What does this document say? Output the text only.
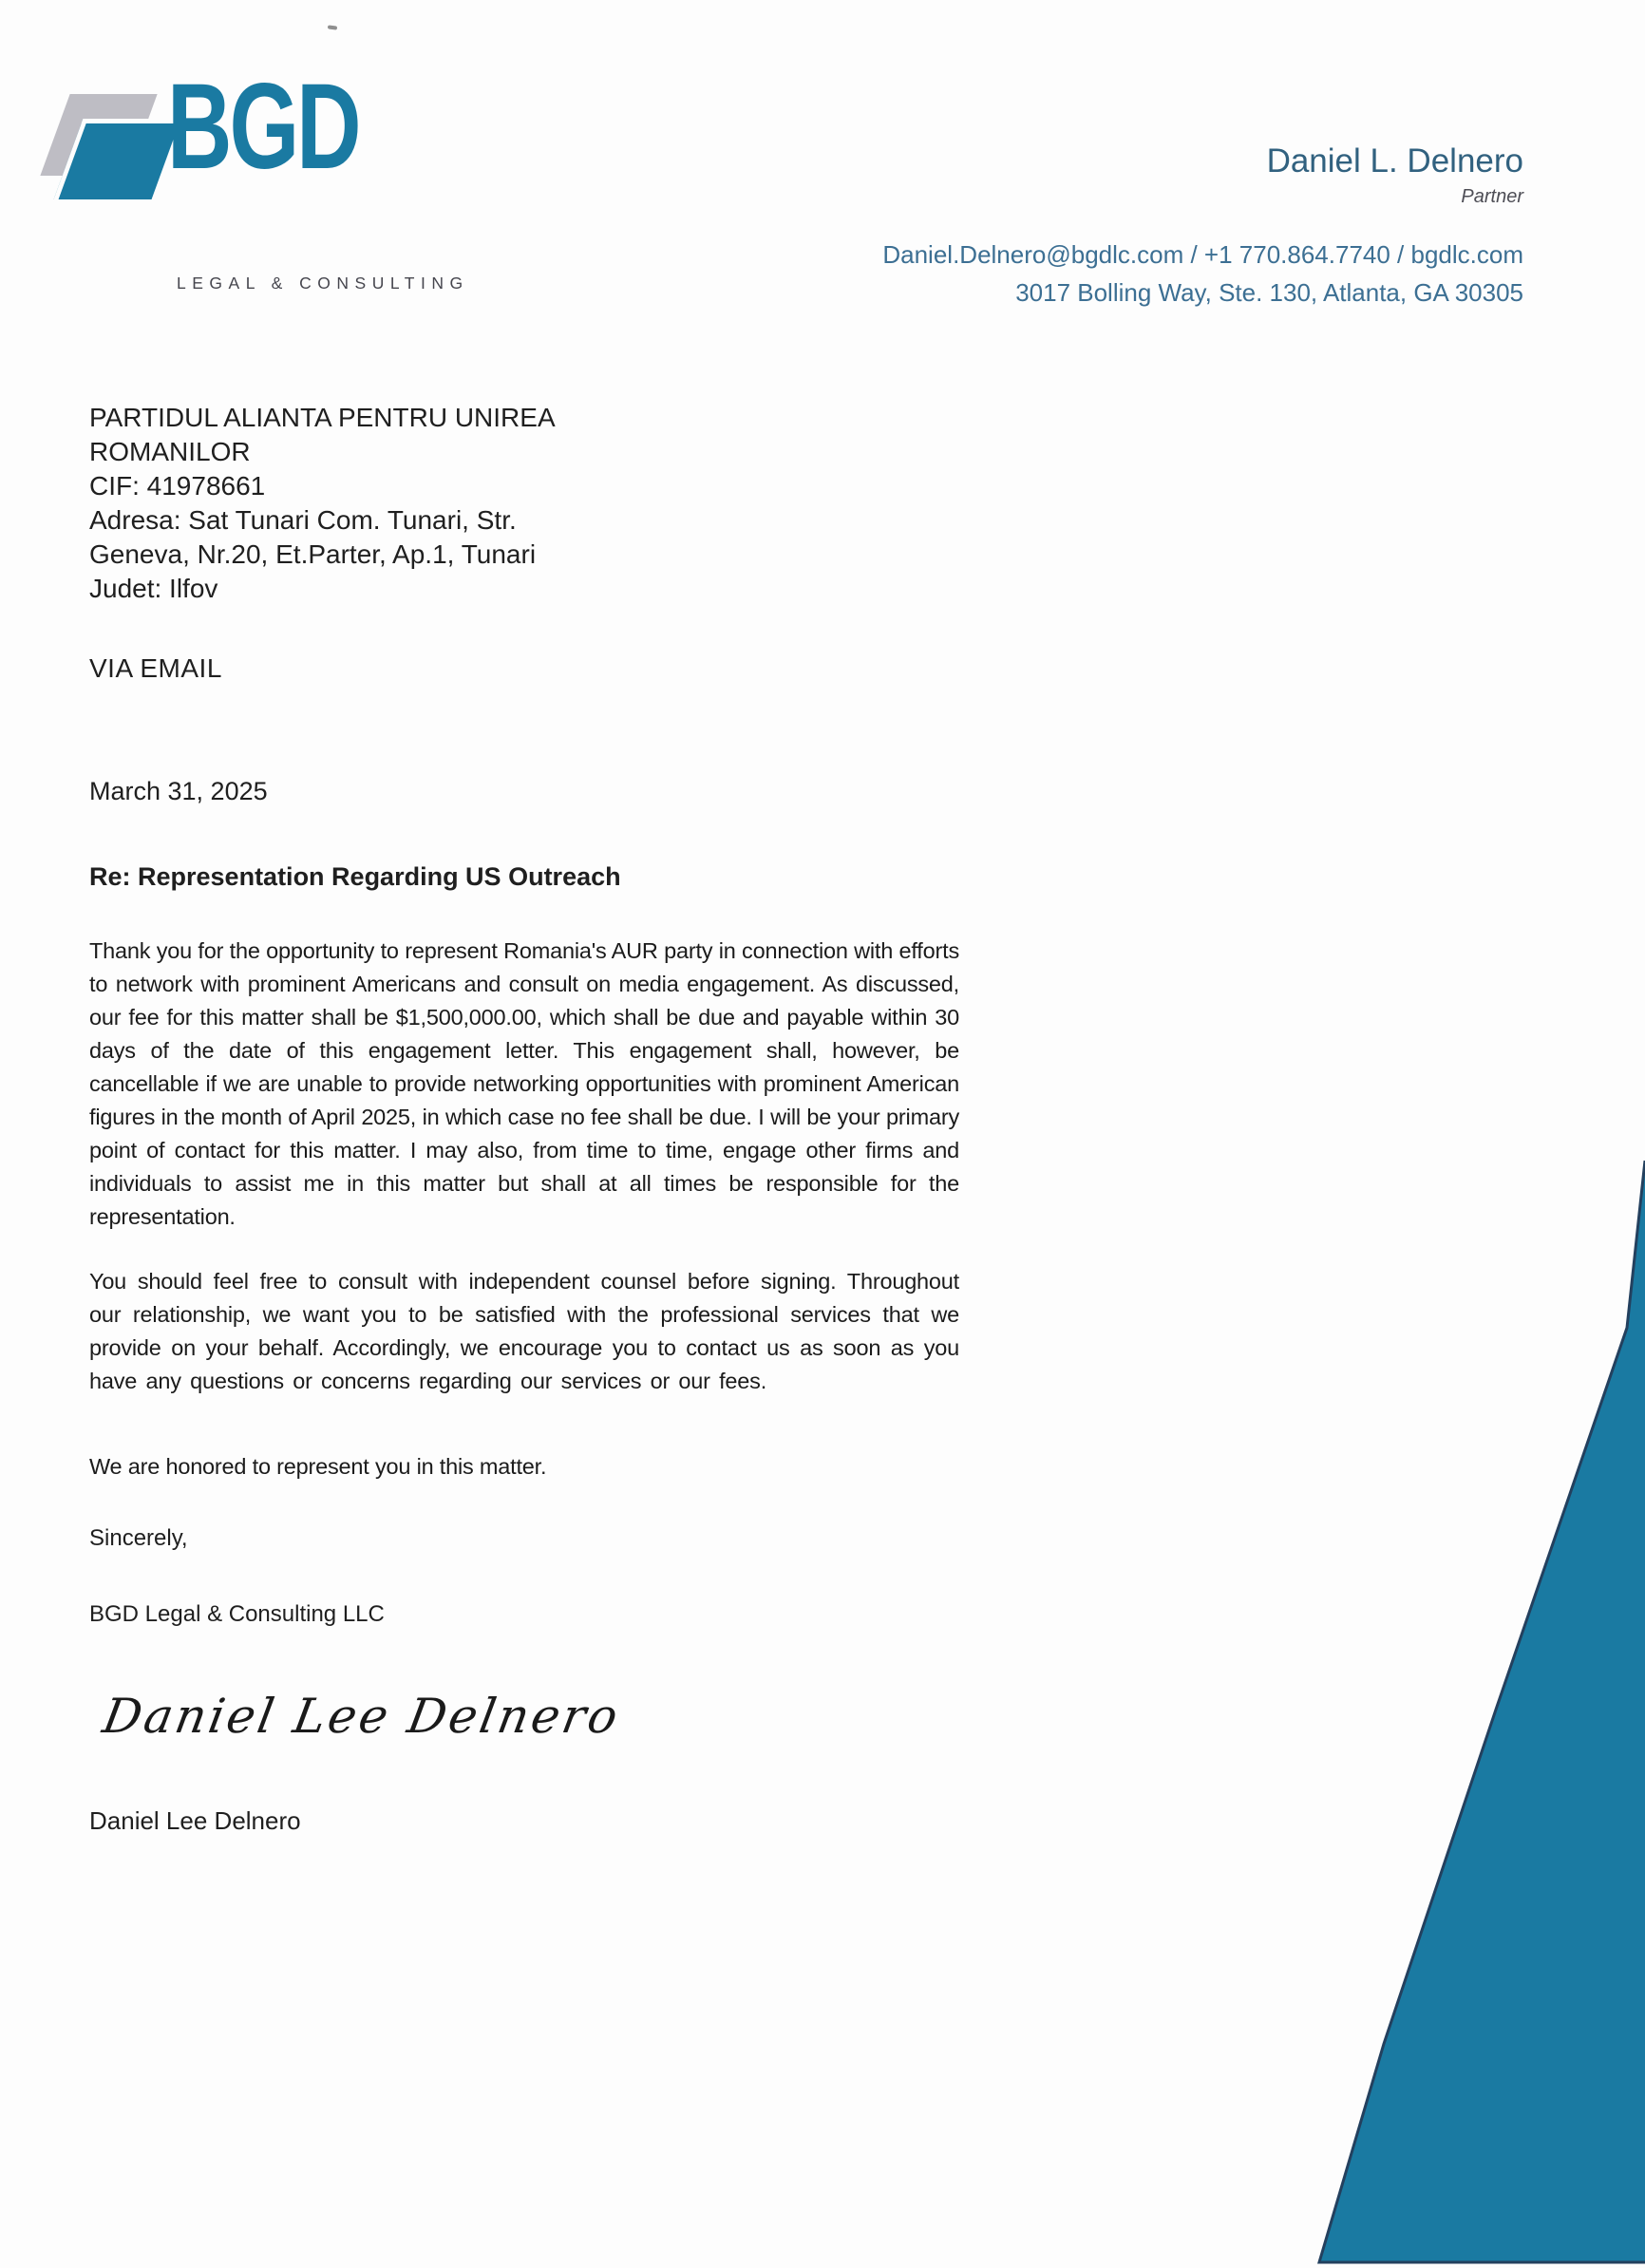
BGD
LEGAL & CONSULTING
Daniel L. Delnero
Partner
Daniel.Delnero@bgdlc.com / +1 770.864.7740 / bgdlc.com
3017 Bolling Way, Ste. 130, Atlanta, GA 30305
PARTIDUL ALIANTA PENTRU UNIREA
ROMANILOR
CIF: 41978661
Adresa: Sat Tunari Com. Tunari, Str.
Geneva, Nr.20, Et.Parter, Ap.1, Tunari
Judet: Ilfov
VIA EMAIL
March 31, 2025
Re: Representation Regarding US Outreach
Thank you for the opportunity to represent Romania's AUR party in connection with efforts to network with prominent Americans and consult on media engagement. As discussed, our fee for this matter shall be $1,500,000.00, which shall be due and payable within 30 days of the date of this engagement letter. This engagement shall, however, be cancellable if we are unable to provide networking opportunities with prominent American figures in the month of April 2025, in which case no fee shall be due. I will be your primary point of contact for this matter. I may also, from time to time, engage other firms and individuals to assist me in this matter but shall at all times be responsible for the representation.
You should feel free to consult with independent counsel before signing. Throughout our relationship, we want you to be satisfied with the professional services that we provide on your behalf. Accordingly, we encourage you to contact us as soon as you have any questions or concerns regarding our services or our fees.
We are honored to represent you in this matter.
Sincerely,
BGD Legal & Consulting LLC
Daniel Lee Delnero
Daniel Lee Delnero
